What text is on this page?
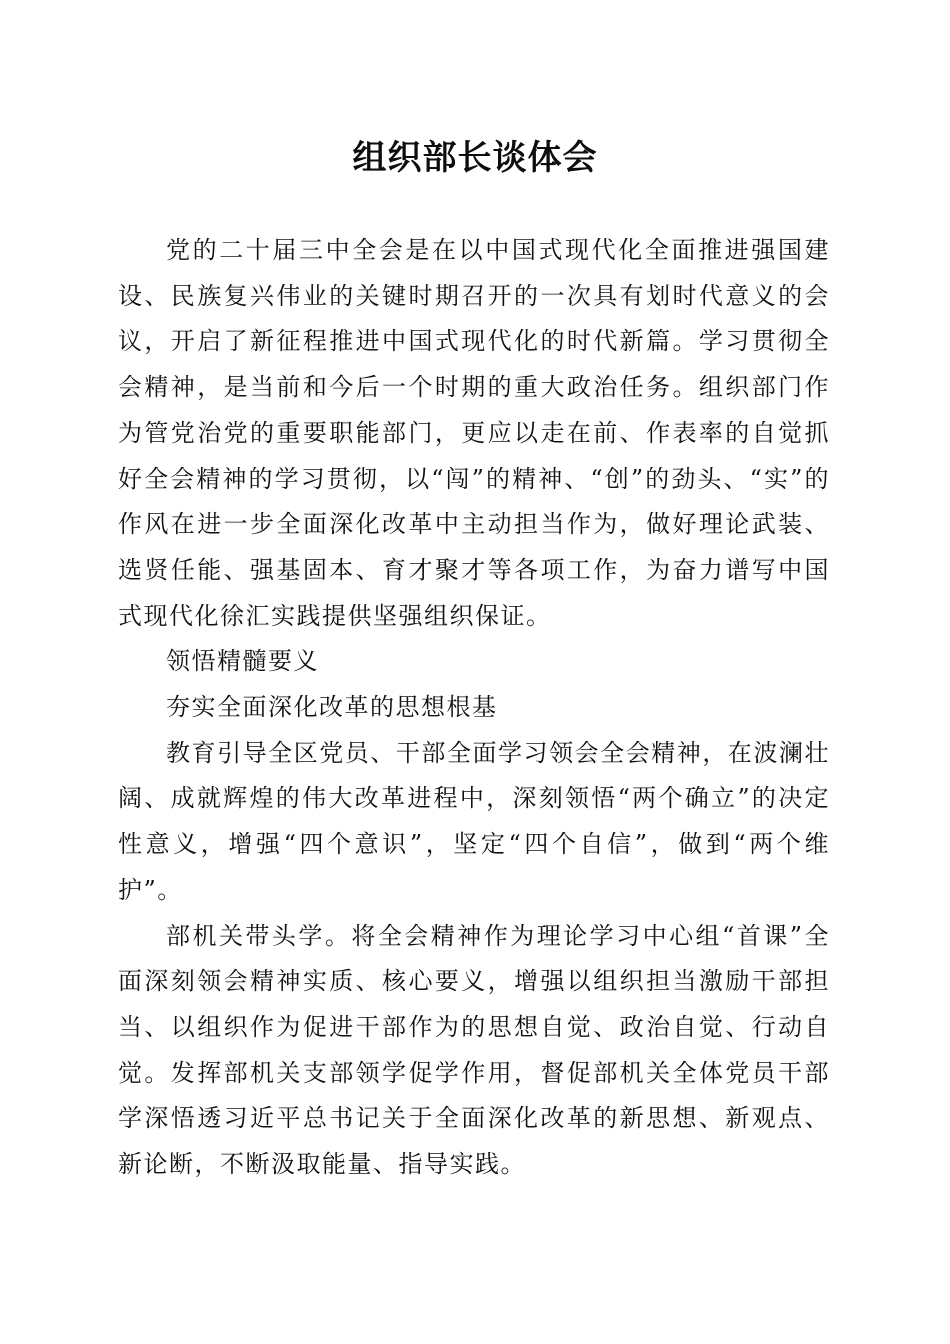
组织部长谈体会

党的二十届三中全会是在以中国式现代化全面推进强国建设、民族复兴伟业的关键时期召开的一次具有划时代意义的会议，开启了新征程推进中国式现代化的时代新篇。学习贯彻全会精神，是当前和今后一个时期的重大政治任务。组织部门作为管党治党的重要职能部门，更应以走在前、作表率的自觉抓好全会精神的学习贯彻，以“闯”的精神、“创”的劲头、“实”的作风在进一步全面深化改革中主动担当作为，做好理论武装、选贤任能、强基固本、育才聚才等各项工作，为奋力谱写中国式现代化徐汇实践提供坚强组织保证。

领悟精髓要义

夯实全面深化改革的思想根基

教育引导全区党员、干部全面学习领会全会精神，在波澜壮阔、成就辉煌的伟大改革进程中，深刻领悟“两个确立”的决定性意义，增强“四个意识”，坚定“四个自信”，做到“两个维护”。

部机关带头学。将全会精神作为理论学习中心组“首课”全面深刻领会精神实质、核心要义，增强以组织担当激励干部担当、以组织作为促进干部作为的思想自觉、政治自觉、行动自觉。发挥部机关支部领学促学作用，督促部机关全体党员干部学深悟透习近平总书记关于全面深化改革的新思想、新观点、新论断，不断汲取能量、指导实践。
